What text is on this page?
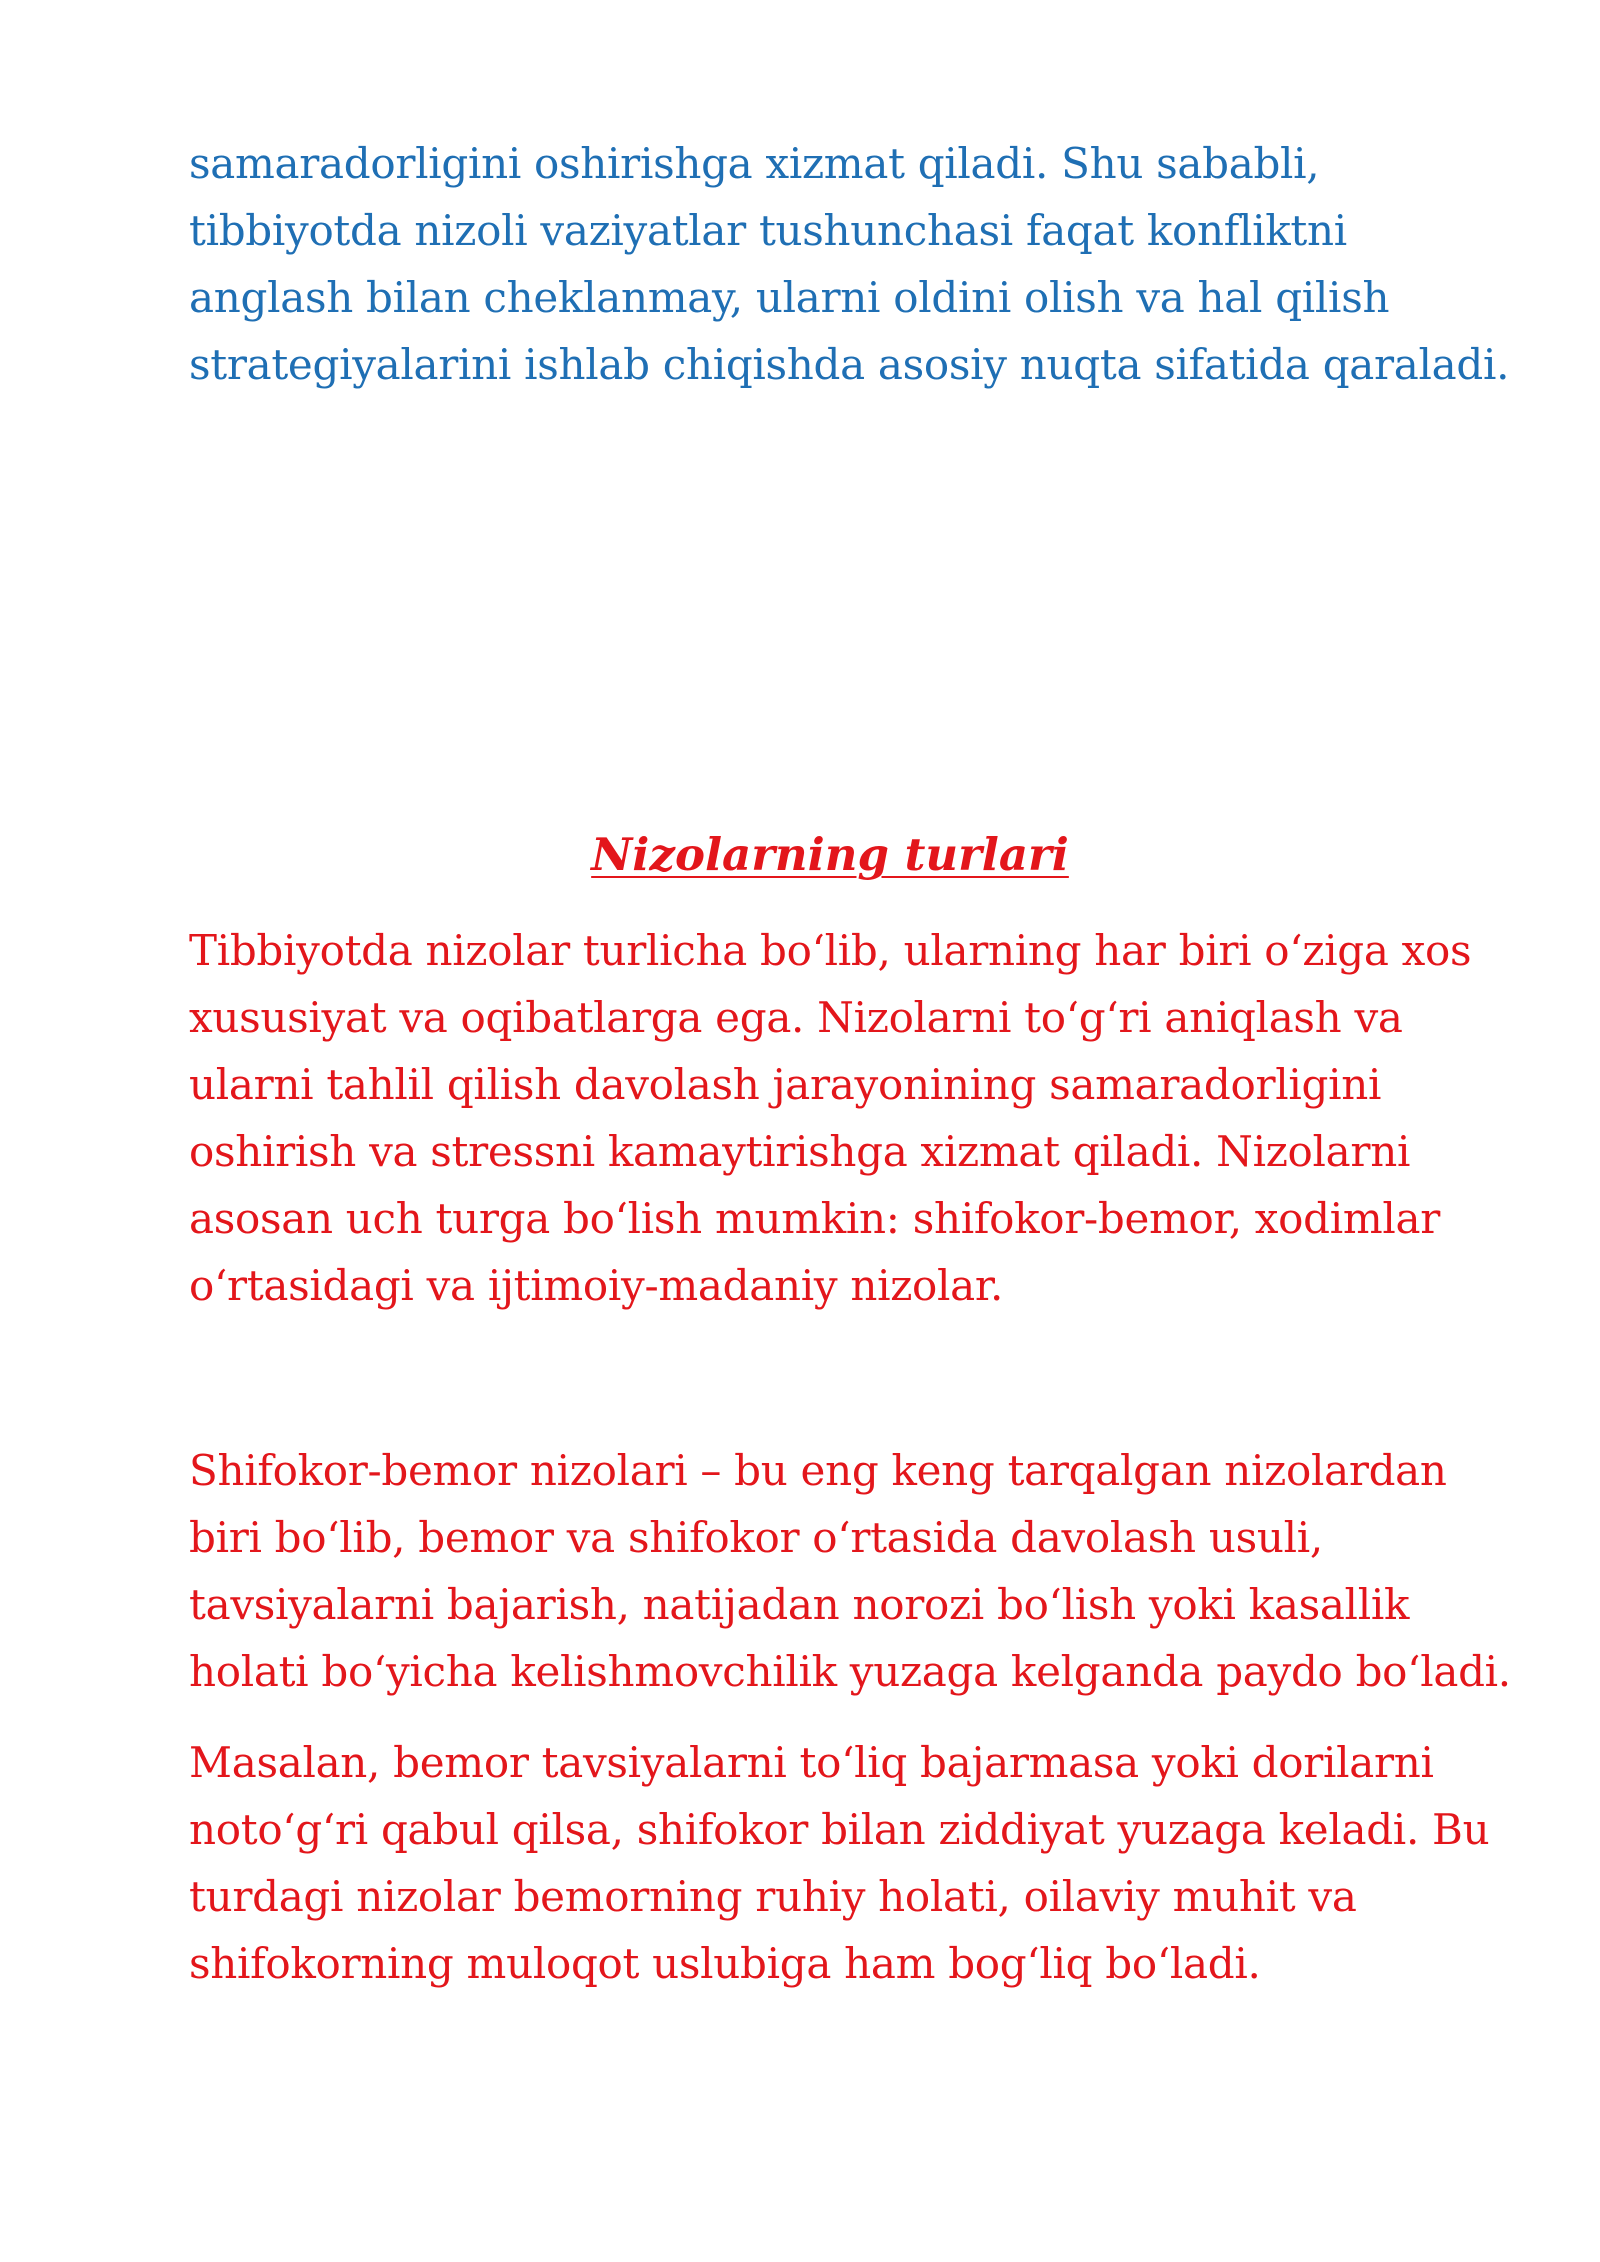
samaradorligini oshirishga xizmat qiladi. Shu sababli,
tibbiyotda nizoli vaziyatlar tushunchasi faqat konfliktni
anglash bilan cheklanmay, ularni oldini olish va hal qilish
strategiyalarini ishlab chiqishda asosiy nuqta sifatida qaraladi.

Nizolarning turlari

Tibbiyotda nizolar turlicha bo‘lib, ularning har biri o‘ziga xos
xususiyat va oqibatlarga ega. Nizolarni to‘g‘ri aniqlash va
ularni tahlil qilish davolash jarayonining samaradorligini
oshirish va stressni kamaytirishga xizmat qiladi. Nizolarni
asosan uch turga bo‘lish mumkin: shifokor-bemor, xodimlar
o‘rtasidagi va ijtimoiy-madaniy nizolar.

Shifokor-bemor nizolari – bu eng keng tarqalgan nizolardan
biri bo‘lib, bemor va shifokor o‘rtasida davolash usuli,
tavsiyalarni bajarish, natijadan norozi bo‘lish yoki kasallik
holati bo‘yicha kelishmovchilik yuzaga kelganda paydo bo‘ladi.

Masalan, bemor tavsiyalarni to‘liq bajarmasa yoki dorilarni
noto‘g‘ri qabul qilsa, shifokor bilan ziddiyat yuzaga keladi. Bu
turdagi nizolar bemorning ruhiy holati, oilaviy muhit va
shifokorning muloqot uslubiga ham bog‘liq bo‘ladi.
